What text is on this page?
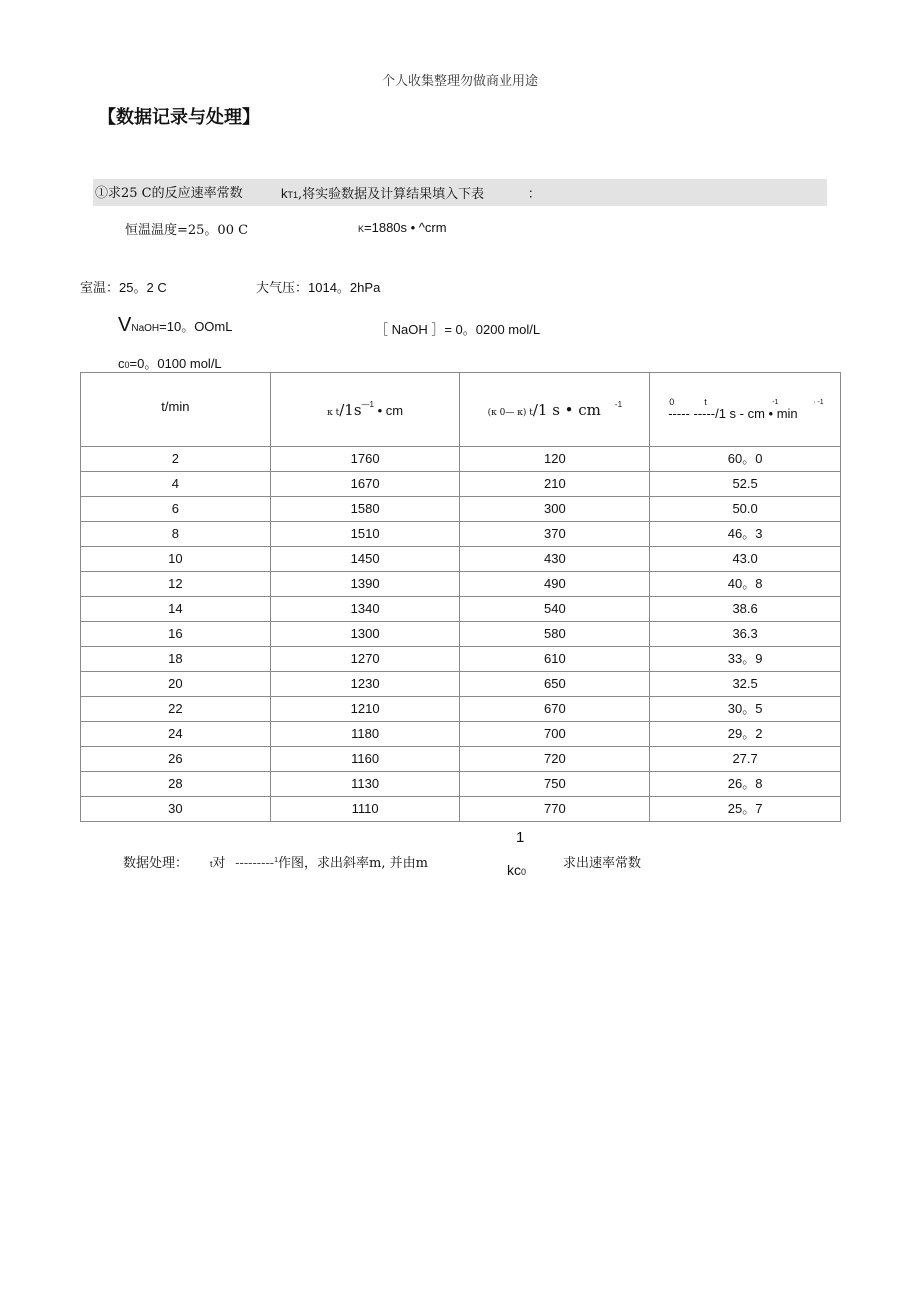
个人收集整理勿做商业用途
【数据记录与处理】
①求25 C的反应速率常数	kT1,将实验数据及计算结果填入下表	：
恒温温度=25。00 C	K=1880s • ^crm
室温：25。2 C	大气压：1014。2hPa
VNaOH=10。OOmL	［ NaOH ］= 0。0200 mol/L
c0=0。0100 mol/L
t/min	κ $t/1s^{—1}$ • cm	(κ 0— κ) t/1 s • cm $^{-1}$	0 t -1 · -1
----- -----/1 s - cm • min

2	1760	120	60。0
4	1670	210	52.5
6	1580	300	50.0
8	1510	370	46。3
10	1450	430	43.0
12	1390	490	40。8
14	1340	540	38.6
16	1300	580	36.3
18	1270	610	33。9
20	1230	650	32.5
22	1210	670	30。5
24	1180	700	29。2
26	1160	720	27.7
28	1130	750	26。8
30	1110	770	25。7
数据处理： t对 ---------$^1$作图，求出斜率m, 并由m
1
kc0
求出速率常数
